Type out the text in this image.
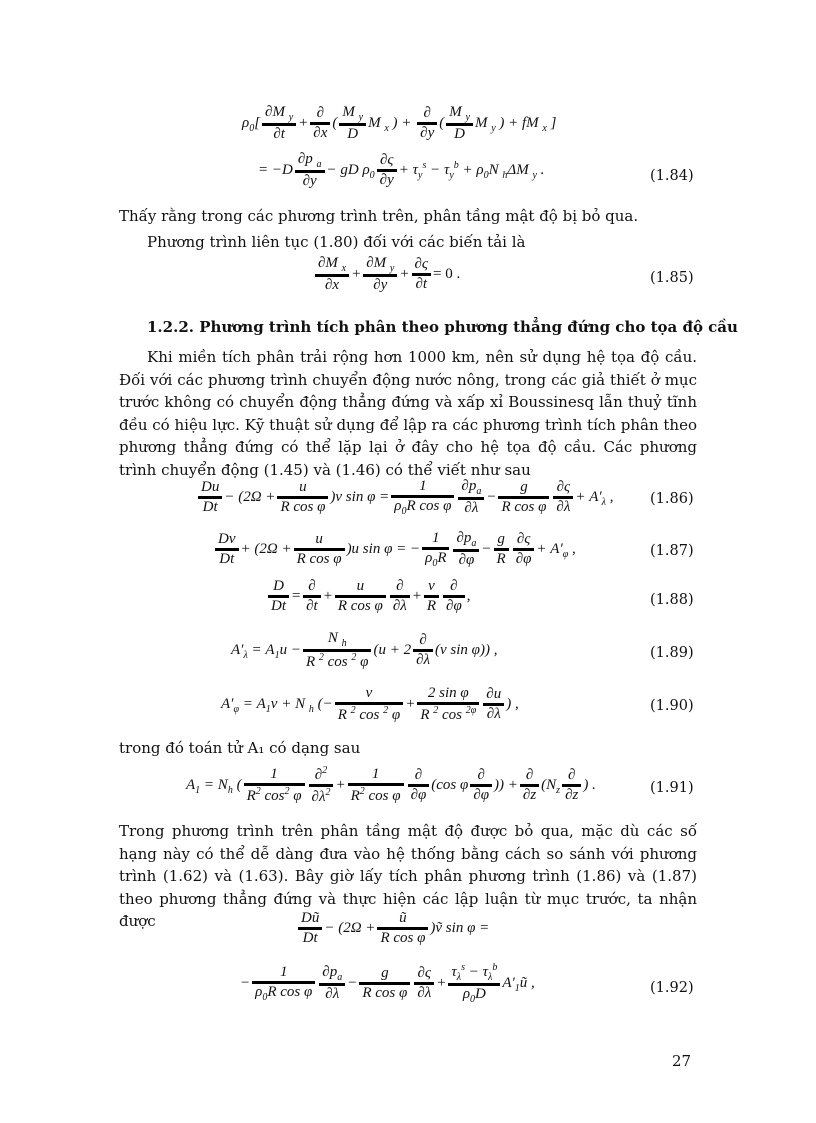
$\rho_0[ \frac{\partial M _y}{\partial t}$ +
∂
∂x
( $\frac{M _y}{D}$ M $_x$ ) +
∂
∂y
( $\frac{M _y}{D}$ M $_y$ ) + fM $_x$ ]
= $-D \frac{\partial p _a}{\partial y}$ − gD $\rho_0 \frac{\partial\varsigma}{\partial y} + \tau_y^s - \tau_y^b + \rho_0N$ $_h$ΔM $_y$ .	(1.84)

Thấy rằng trong các phương trình trên, phân tầng mật độ bị bỏ qua.

Phương trình liên tục (1.80) đối với các biến tải là

$\frac{\partial M _x}{\partial x} + \frac{\partial M _y}{\partial y} + \frac{\partial\varsigma}{\partial t} = 0$ .	(1.85)

1.2.2. Phương trình tích phân theo phương thẳng đứng cho tọa độ cầu

Khi miền tích phân trải rộng hơn 1000 km, nên sử dụng hệ tọa độ cầu. Đối với các phương trình chuyển động nước nông, trong các giả thiết ở mục trước không có chuyển động thẳng đứng và xấp xỉ Boussinesq lẫn thuỷ tĩnh đều có hiệu lực. Kỹ thuật sử dụng để lập ra các phương trình tích phân theo phương thẳng đứng có thể lặp lại ở đây cho hệ tọa độ cầu. Các phương trình chuyển động (1.45) và (1.46) có thể viết như sau

$\frac{Du}{Dt} - (2\Omega + \frac{u}{\text{R cos φ}} )v$ $\sin \varphi = \frac{1}{\rho_0R \cos \varphi} \frac{\partial p_a}{\partial\lambda} - \frac{g}{\text{R cos φ}} \frac{\partial\varsigma}{\partial\lambda} + A'_\lambda$ ,	(1.86)
$\frac{Dv}{Dt} + (2\Omega + \frac{u}{\text{R cos φ}} )u$ sin φ = − $\frac{1}{\rho_0R} \frac{\partial p_a}{\partial\varphi} - \frac{g}{R} \frac{\partial\varsigma}{\partial\varphi} + A'_\varphi$ ,	(1.87)
$\frac{D}{Dt}$ =
∂
∂t
+ $\frac{u}{\text{R cos φ}}$ ∂
∂λ
+ $\frac{v}{R}$ ∂
∂φ
,	(1.88)
$A'_\lambda = A_1u - \frac{N _h}{R ^2 \cos ^2 \varphi} (u + 2$
∂
∂λ
(v sin φ)) ,	(1.89)
$A'_\varphi = A_1v + N$ $_h$ (− $\frac{v}{R ^2 \cos ^2 \varphi} + \frac{\text{2 sin φ}}{R ^2 \cos ^{2\varphi}} \frac{\partial u}{\partial\lambda}$ ) ,	(1.90)

trong đó toán tử A₁ có dạng sau

$A_1 = N_h$ ( $\frac{1}{R^2 \cos^2 \varphi} \frac{\partial^2}{\partial\lambda^2} + \frac{1}{R^2 \cos \varphi}$ ∂
∂φ
(cos φ
∂
∂φ
)) +
∂
∂z
($N_z$
∂
∂z
) .	(1.91)

Trong phương trình trên phân tầng mật độ được bỏ qua, mặc dù các số hạng này có thể dễ dàng đưa vào hệ thống bằng cách so sánh với phương trình (1.62) và (1.63). Bây giờ lấy tích phân phương trình (1.86) và (1.87) theo phương thẳng đứng và thực hiện các lập luận từ mục trước, ta nhận được	$\frac{Dũ}{Dt} - (2\Omega + \frac{ũ}{\text{R cos φ}}$ )ṽ sin φ =
− $\frac{1}{\rho_0R \cos \varphi} \frac{\partial p_a}{\partial\lambda} - \frac{g}{\text{R cos φ}} \frac{\partial\varsigma}{\partial\lambda}$ +
$\tau_\lambda^s - \tau_\lambda^b$
$\rho_0D$
$A'_1ũ$ ,	(1.92)
27
